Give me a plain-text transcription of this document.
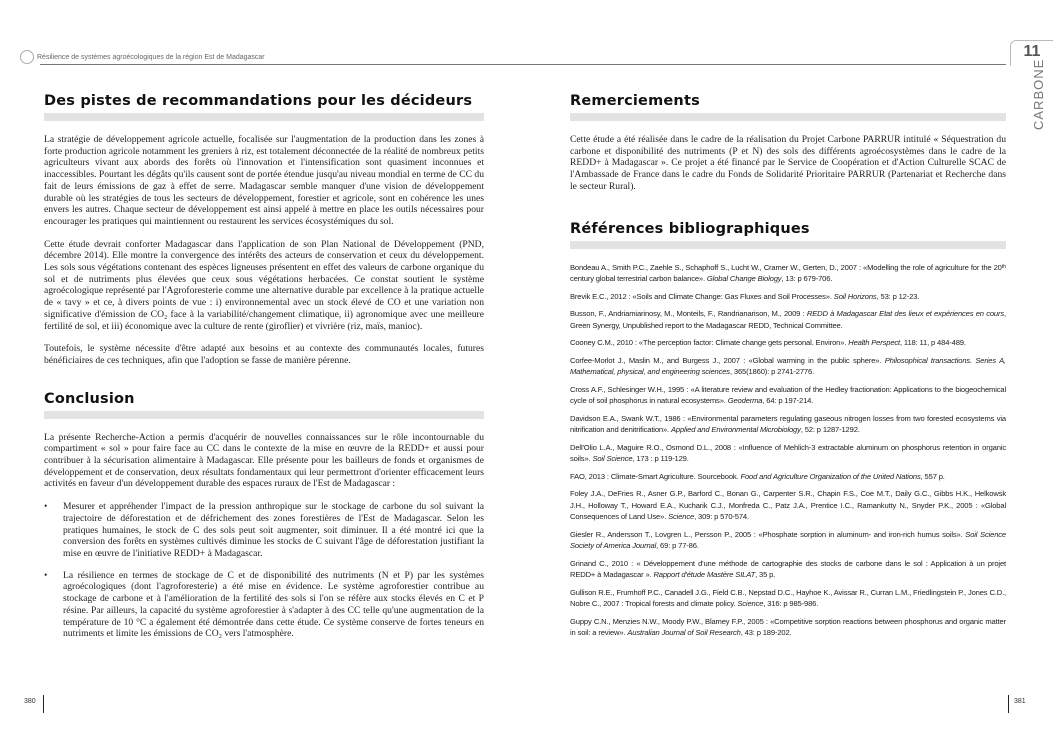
Résilience de systèmes agroécologiques de la région Est de Madagascar	11
CARBONE
Des pistes de recommandations pour les décideurs

La stratégie de développement agricole actuelle, focalisée sur l'augmentation de la production dans les zones à forte production agricole notamment les greniers à riz, est totalement déconnectée de la réalité de nombreux petits agriculteurs vivant aux abords des forêts où l'innovation et l'intensification sont quasiment inconnues et inaccessibles. Pourtant les dégâts qu'ils causent sont de portée étendue jusqu'au niveau mondial en terme de CC du fait de leurs émissions de gaz à effet de serre. Madagascar semble manquer d'une vision de développement durable où les stratégies de tous les secteurs de développement, forestier et agricole, sont en cohérence les unes envers les autres. Chaque secteur de développement est ainsi appelé à mettre en place les outils nécessaires pour encourager les pratiques qui maintiennent ou restaurent les services écosystémiques du sol.

Cette étude devrait conforter Madagascar dans l'application de son Plan National de Développement (PND, décembre 2014). Elle montre la convergence des intérêts des acteurs de conservation et ceux du développement. Les sols sous végétations contenant des espèces ligneuses présentent en effet des valeurs de carbone organique du sol et de nutriments plus élevées que ceux sous végétations herbacées. Ce constat soutient le système agroécologique représenté par l'Agroforesterie comme une alternative durable par excellence à la pratique actuelle de « tavy » et ce, à divers points de vue : i) environnemental avec un stock élevé de CO et une variation non significative d'émission de CO₂ face à la variabilité/changement climatique, ii) agronomique avec une meilleure fertilité de sol, et iii) économique avec la culture de rente (giroflier) et vivrière (riz, maïs, manioc).

Toutefois, le système nécessite d'être adapté aux besoins et au contexte des communautés locales, futures bénéficiaires de ces techniques, afin que l'adoption se fasse de manière pérenne.

Conclusion

La présente Recherche-Action a permis d'acquérir de nouvelles connaissances sur le rôle incontournable du compartiment « sol » pour faire face au CC dans le contexte de la mise en œuvre de la REDD+ et aussi pour contribuer à la sécurisation alimentaire à Madagascar. Elle présente pour les bailleurs de fonds et organismes de développement et de conservation, deux résultats fondamentaux qui leur permettront d'orienter efficacement leurs activités en faveur d'un développement durable des espaces ruraux de l'Est de Madagascar :

• Mesurer et appréhender l'impact de la pression anthropique sur le stockage de carbone du sol suivant la trajectoire de déforestation et de défrichement des zones forestières de l'Est de Madagascar. Selon les pratiques humaines, le stock de C des sols peut soit augmenter, soit diminuer. Il a été montré ici que la conversion des forêts en systèmes cultivés diminue les stocks de C suivant l'âge de déforestation justifiant la mise en œuvre de l'initiative REDD+ à Madagascar.
• La résilience en termes de stockage de C et de disponibilité des nutriments (N et P) par les systèmes agroécologiques (dont l'agroforesterie) a été mise en évidence. Le système agroforestier contribue au stockage de carbone et à l'amélioration de la fertilité des sols si l'on se réfère aux stocks élevés en C et P résine. Par ailleurs, la capacité du système agroforestier à s'adapter à des CC telle qu'une augmentation de la température de 10 °C a également été démontrée dans cette étude. Ce système conserve de fortes teneurs en nutriments et limite les émissions de CO₂ vers l'atmosphère.
380
Remerciements

Cette étude a été réalisée dans le cadre de la réalisation du Projet Carbone PARRUR intitulé « Séquestration du carbone et disponibilité des nutriments (P et N) des sols des différents agroécosystèmes dans le cadre de la REDD+ à Madagascar ». Ce projet a été financé par le Service de Coopération et d'Action Culturelle SCAC de l'Ambassade de France dans le cadre du Fonds de Solidarité Prioritaire PARRUR (Partenariat et Recherche dans le secteur Rural).

Références bibliographiques
Bondeau A., Smith P.C., Zaehle S., Schaphoff S., Lucht W., Cramer W., Gerten, D., 2007 : «Modelling the role of agriculture for the 20ᵗʰ century global terrestrial carbon balance». Global Change Biology, 13: p 679-706.
Brevik E.C., 2012 : «Soils and Climate Change: Gas Fluxes and Soil Processes». Soil Horizons, 53: p 12-23.
Busson, F., Andriamiarinosy, M., Monteils, F., Randrianarison, M., 2009 : REDD à Madagascar Etat des lieux et expériences en cours, Green Synergy, Unpublished report to the Madagascar REDD, Technical Committee.
Cooney C.M., 2010 : «The perception factor: Climate change gets personal. Environ». Health Perspect, 118: 11, p 484-489.
Corfee-Morlot J., Maslin M., and Burgess J., 2007 : «Global warming in the public sphere». Philosophical transactions. Series A, Mathematical, physical, and engineering sciences, 365(1860): p 2741-2776.
Cross A.F., Schlesinger W.H., 1995 : «A literature review and evaluation of the Hedley fractionation: Applications to the biogeochemical cycle of soil phosphorus in natural ecosystems». Geoderma, 64: p 197-214.
Davidson E.A., Swank W.T., 1986 : «Environmental parameters regulating gaseous nitrogen losses from two forested ecosystems via nitrification and denitrification». Applied and Environmental Microbiology, 52: p 1287-1292.
Dell'Olio L.A., Maguire R.O., Osmond D.L., 2008 : «Influence of Mehlich-3 extractable aluminum on phosphorus retention in organic soils». Soil Science, 173 : p 119-129.
FAO, 2013 : Climate-Smart Agriculture. Sourcebook. Food and Agriculture Organization of the United Nations, 557 p.
Foley J.A., DeFries R., Asner G.P., Barford C., Bonan G., Carpenter S.R., Chapin F.S., Coe M.T., Daily G.C., Gibbs H.K., Helkowsk J.H., Holloway T., Howard E.A., Kucharik C.J., Monfreda C., Patz J.A., Prentice I.C., Ramankutty N., Snyder P.K., 2005 : «Global Consequences of Land Use». Science, 309: p 570-574.
Giesler R., Andersson T., Lovgren L., Persson P., 2005 : «Phosphate sorption in aluminum- and iron-rich humus soils». Soil Science Society of America Journal, 69: p 77-86.
Grinand C., 2010 : « Développement d'une méthode de cartographie des stocks de carbone dans le sol : Application à un projet REDD+ à Madagascar ». Rapport d'étude Mastère SILAT, 35 p.
Gullison R.E., Frumhoff P.C., Canadell J.G., Field C.B., Nepstad D.C., Hayhoe K., Avissar R., Curran L.M., Friedlingstein P., Jones C.D., Nobre C., 2007 : Tropical forests and climate policy. Science, 316: p 985-986.
Guppy C.N., Menzies N.W., Moody P.W., Blamey F.P., 2005 : «Competitive sorption reactions between phosphorus and organic matter in soil: a review». Australian Journal of Soil Research, 43: p 189-202.
381
